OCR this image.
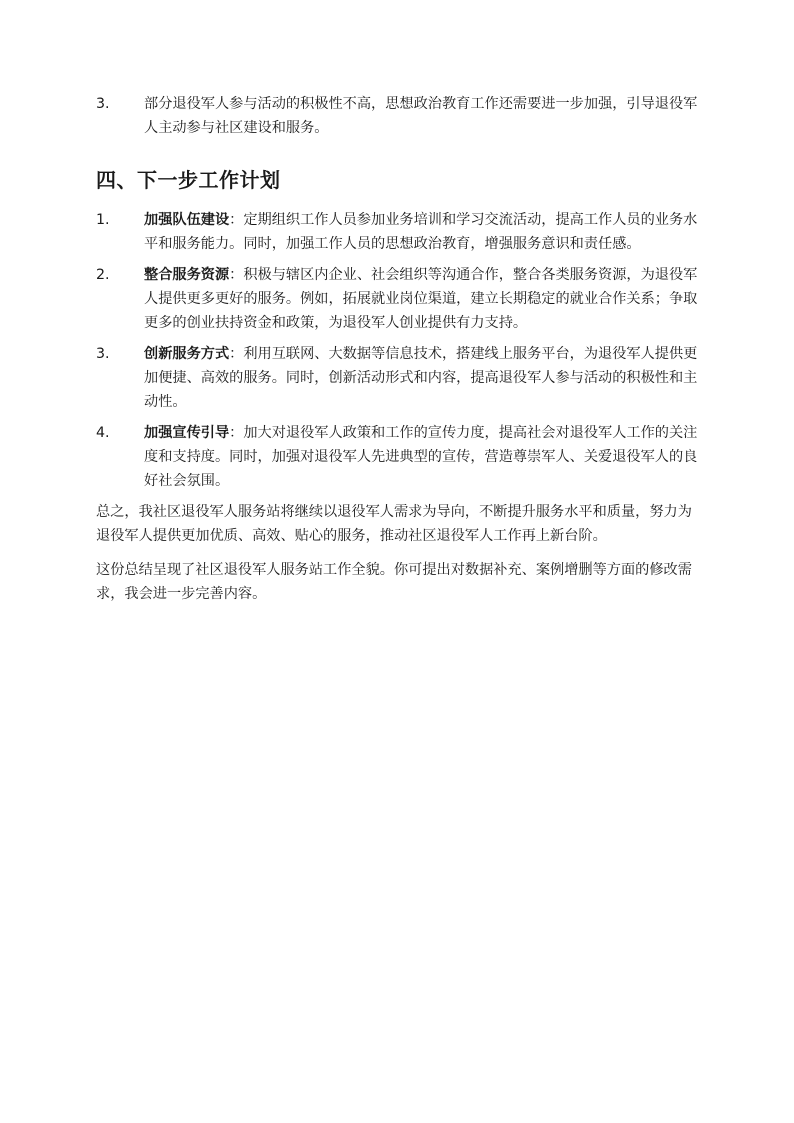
3.	部分退役军人参与活动的积极性不高，思想政治教育工作还需要进一步加强，引导退役军人主动参与社区建设和服务。
四、下一步工作计划
1.	加强队伍建设：定期组织工作人员参加业务培训和学习交流活动，提高工作人员的业务水平和服务能力。同时，加强工作人员的思想政治教育，增强服务意识和责任感。
2.	整合服务资源：积极与辖区内企业、社会组织等沟通合作，整合各类服务资源，为退役军人提供更多更好的服务。例如，拓展就业岗位渠道，建立长期稳定的就业合作关系；争取更多的创业扶持资金和政策，为退役军人创业提供有力支持。
3.	创新服务方式：利用互联网、大数据等信息技术，搭建线上服务平台，为退役军人提供更加便捷、高效的服务。同时，创新活动形式和内容，提高退役军人参与活动的积极性和主动性。
4.	加强宣传引导：加大对退役军人政策和工作的宣传力度，提高社会对退役军人工作的关注度和支持度。同时，加强对退役军人先进典型的宣传，营造尊崇军人、关爱退役军人的良好社会氛围。

总之，我社区退役军人服务站将继续以退役军人需求为导向，不断提升服务水平和质量，努力为退役军人提供更加优质、高效、贴心的服务，推动社区退役军人工作再上新台阶。

这份总结呈现了社区退役军人服务站工作全貌。你可提出对数据补充、案例增删等方面的修改需求，我会进一步完善内容。
